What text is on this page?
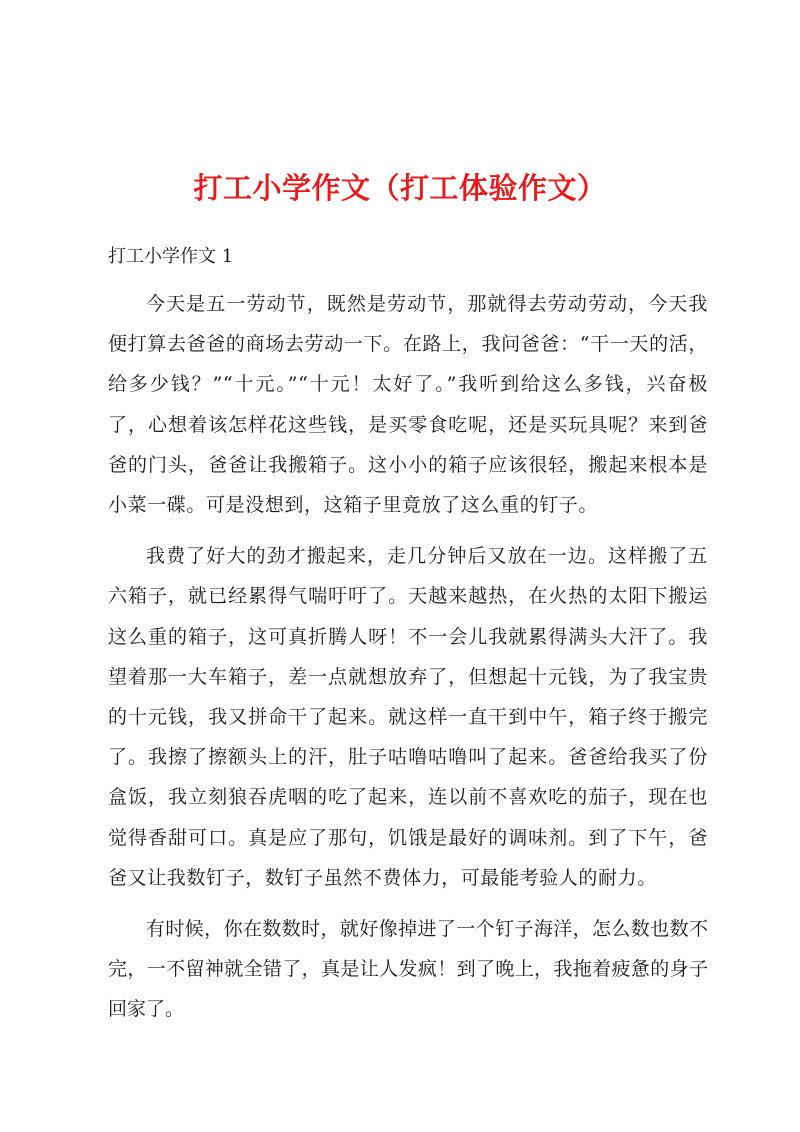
打工小学作文（打工体验作文）

打工小学作文 1

今天是五一劳动节，既然是劳动节，那就得去劳动劳动，今天我便打算去爸爸的商场去劳动一下。在路上，我问爸爸：“干一天的活，给多少钱？”“十元。”“十元！太好了。”我听到给这么多钱，兴奋极了，心想着该怎样花这些钱，是买零食吃呢，还是买玩具呢？来到爸爸的门头，爸爸让我搬箱子。这小小的箱子应该很轻，搬起来根本是小菜一碟。可是没想到，这箱子里竟放了这么重的钉子。

我费了好大的劲才搬起来，走几分钟后又放在一边。这样搬了五六箱子，就已经累得气喘吁吁了。天越来越热，在火热的太阳下搬运这么重的箱子，这可真折腾人呀！不一会儿我就累得满头大汗了。我望着那一大车箱子，差一点就想放弃了，但想起十元钱，为了我宝贵的十元钱，我又拼命干了起来。就这样一直干到中午，箱子终于搬完了。我擦了擦额头上的汗，肚子咕噜咕噜叫了起来。爸爸给我买了份盒饭，我立刻狼吞虎咽的吃了起来，连以前不喜欢吃的茄子，现在也觉得香甜可口。真是应了那句，饥饿是最好的调味剂。到了下午，爸爸又让我数钉子，数钉子虽然不费体力，可最能考验人的耐力。

有时候，你在数数时，就好像掉进了一个钉子海洋，怎么数也数不完，一不留神就全错了，真是让人发疯！到了晚上，我拖着疲惫的身子回家了。
